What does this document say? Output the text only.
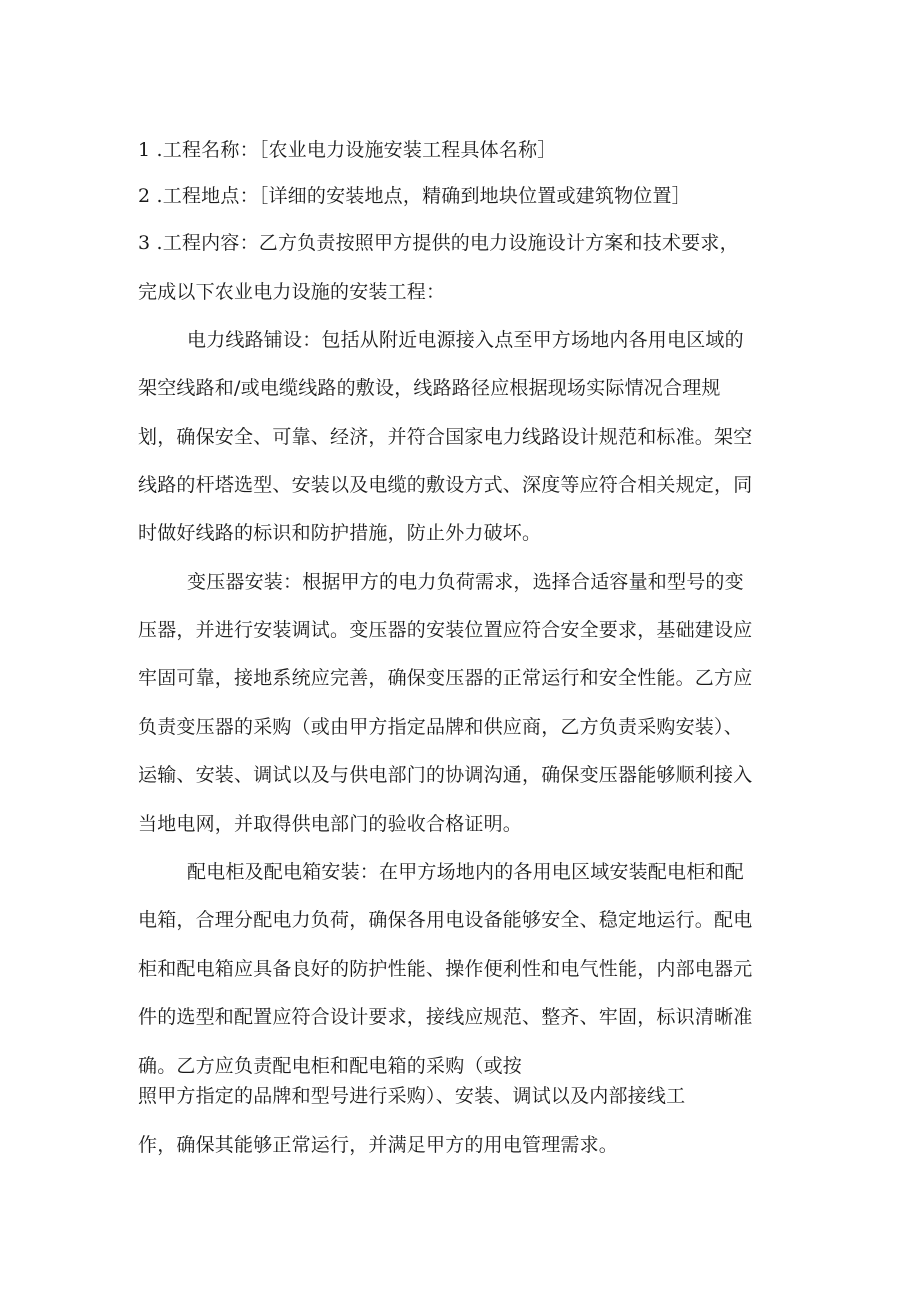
1 .工程名称：［农业电力设施安装工程具体名称］
2 .工程地点：［详细的安装地点，精确到地块位置或建筑物位置］
3 .工程内容：乙方负责按照甲方提供的电力设施设计方案和技术要求，
完成以下农业电力设施的安装工程：
电力线路铺设：包括从附近电源接入点至甲方场地内各用电区域的
架空线路和/或电缆线路的敷设，线路路径应根据现场实际情况合理规
划，确保安全、可靠、经济，并符合国家电力线路设计规范和标准。架空
线路的杆塔选型、安装以及电缆的敷设方式、深度等应符合相关规定，同
时做好线路的标识和防护措施，防止外力破坏。
变压器安装：根据甲方的电力负荷需求，选择合适容量和型号的变
压器，并进行安装调试。变压器的安装位置应符合安全要求，基础建设应
牢固可靠，接地系统应完善，确保变压器的正常运行和安全性能。乙方应
负责变压器的采购（或由甲方指定品牌和供应商，乙方负责采购安装）、
运输、安装、调试以及与供电部门的协调沟通，确保变压器能够顺利接入
当地电网，并取得供电部门的验收合格证明。
配电柜及配电箱安装：在甲方场地内的各用电区域安装配电柜和配
电箱，合理分配电力负荷，确保各用电设备能够安全、稳定地运行。配电
柜和配电箱应具备良好的防护性能、操作便利性和电气性能，内部电器元
件的选型和配置应符合设计要求，接线应规范、整齐、牢固，标识清晰准
确。乙方应负责配电柜和配电箱的采购（或按
照甲方指定的品牌和型号进行采购）、安装、调试以及内部接线工
作，确保其能够正常运行，并满足甲方的用电管理需求。
